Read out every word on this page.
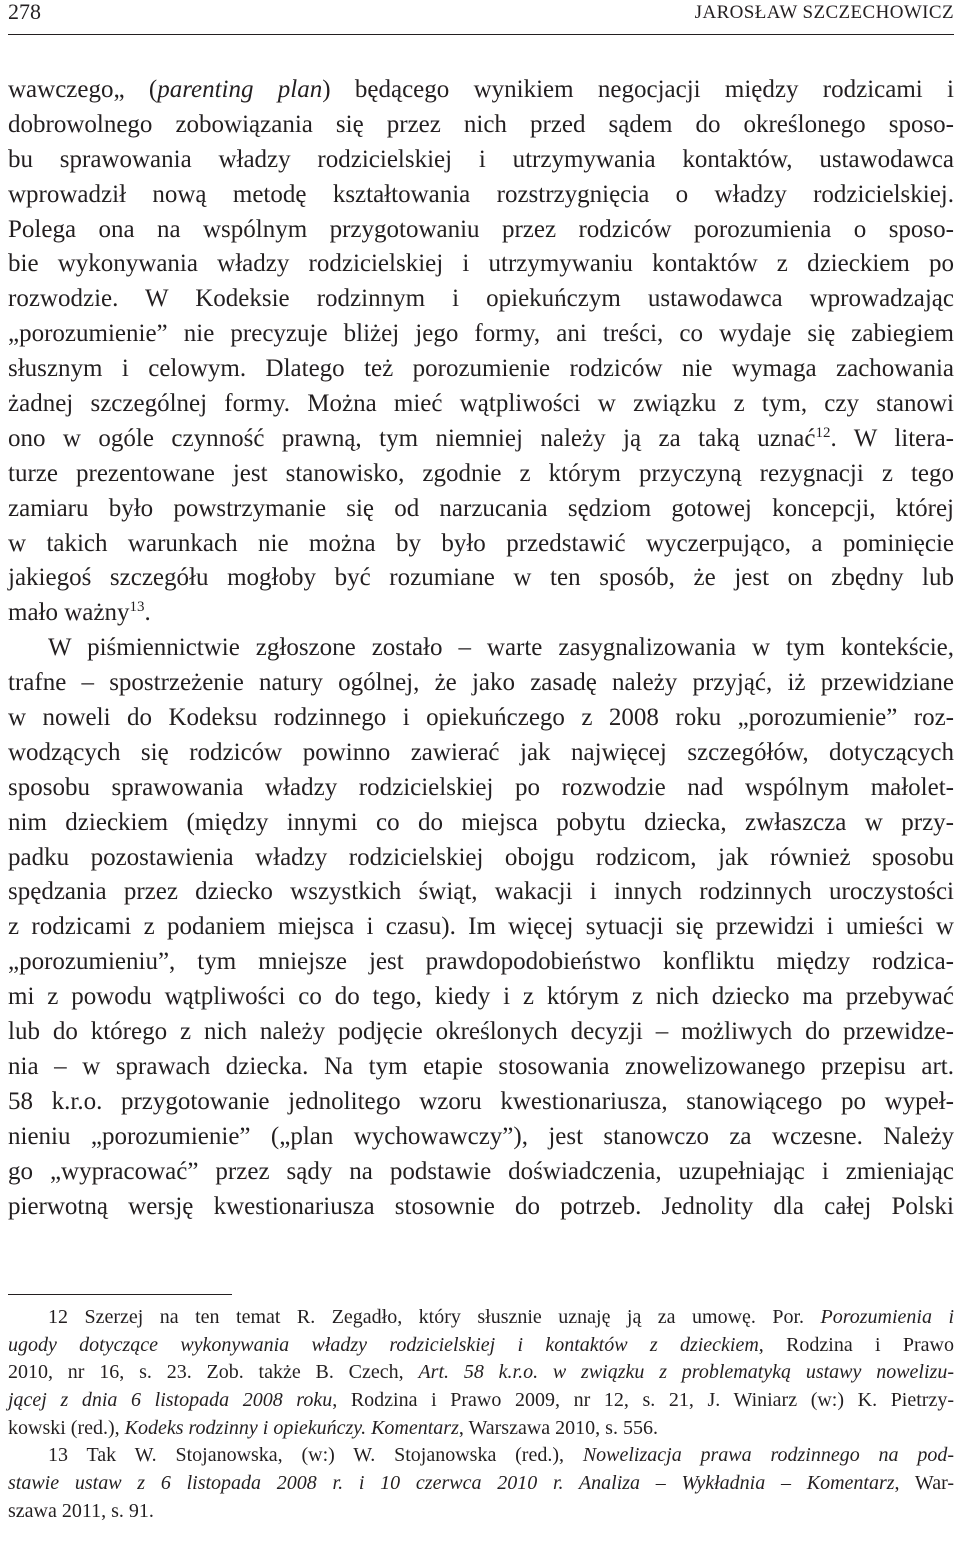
278	JAROSŁAW SZCZECHOWICZ
wawczego„ (parenting plan) będącego wynikiem negocjacji między rodzicami i
dobrowolnego zobowiązania się przez nich przed sądem do określonego sposo-
bu sprawowania władzy rodzicielskiej i utrzymywania kontaktów, ustawodawca
wprowadził nową metodę kształtowania rozstrzygnięcia o władzy rodzicielskiej.
Polega ona na wspólnym przygotowaniu przez rodziców porozumienia o sposo-
bie wykonywania władzy rodzicielskiej i utrzymywaniu kontaktów z dzieckiem po
rozwodzie. W Kodeksie rodzinnym i opiekuńczym ustawodawca wprowadzając
„porozumienie” nie precyzuje bliżej jego formy, ani treści, co wydaje się zabiegiem
słusznym i celowym. Dlatego też porozumienie rodziców nie wymaga zachowania
żadnej szczególnej formy. Można mieć wątpliwości w związku z tym, czy stanowi
ono w ogóle czynność prawną, tym niemniej należy ją za taką uznać$^{12}$. W litera-
turze prezentowane jest stanowisko, zgodnie z którym przyczyną rezygnacji z tego
zamiaru było powstrzymanie się od narzucania sędziom gotowej koncepcji, której
w takich warunkach nie można by było przedstawić wyczerpująco, a pominięcie
jakiegoś szczegółu mogłoby być rozumiane w ten sposób, że jest on zbędny lub
mało ważny$^{13}$.
W piśmiennictwie zgłoszone zostało – warte zasygnalizowania w tym kontekście,
trafne – spostrzeżenie natury ogólnej, że jako zasadę należy przyjąć, iż przewidziane
w noweli do Kodeksu rodzinnego i opiekuńczego z 2008 roku „porozumienie” roz-
wodzących się rodziców powinno zawierać jak najwięcej szczegółów, dotyczących
sposobu sprawowania władzy rodzicielskiej po rozwodzie nad wspólnym małolet-
nim dzieckiem (między innymi co do miejsca pobytu dziecka, zwłaszcza w przy-
padku pozostawienia władzy rodzicielskiej obojgu rodzicom, jak również sposobu
spędzania przez dziecko wszystkich świąt, wakacji i innych rodzinnych uroczystości
z rodzicami z podaniem miejsca i czasu). Im więcej sytuacji się przewidzi i umieści w
„porozumieniu”, tym mniejsze jest prawdopodobieństwo konfliktu między rodzica-
mi z powodu wątpliwości co do tego, kiedy i z którym z nich dziecko ma przebywać
lub do którego z nich należy podjęcie określonych decyzji – możliwych do przewidze-
nia – w sprawach dziecka. Na tym etapie stosowania znowelizowanego przepisu art.
58 k.r.o. przygotowanie jednolitego wzoru kwestionariusza, stanowiącego po wypeł-
nieniu „porozumienie” („plan wychowawczy”), jest stanowczo za wczesne. Należy
go „wypracować” przez sądy na podstawie doświadczenia, uzupełniając i zmieniając
pierwotną wersję kwestionariusza stosownie do potrzeb. Jednolity dla całej Polski
12 Szerzej na ten temat R. Zegadło, który słusznie uznaję ją za umowę. Por. Porozumienia i
ugody dotyczące wykonywania władzy rodzicielskiej i kontaktów z dzieckiem, Rodzina i Prawo
2010, nr 16, s. 23. Zob. także B. Czech, Art. 58 k.r.o. w związku z problematyką ustawy nowelizu-
jącej z dnia 6 listopada 2008 roku, Rodzina i Prawo 2009, nr 12, s. 21, J. Winiarz (w:) K. Pietrzy-
kowski (red.), Kodeks rodzinny i opiekuńczy. Komentarz, Warszawa 2010, s. 556.
13 Tak W. Stojanowska, (w:) W. Stojanowska (red.), Nowelizacja prawa rodzinnego na pod-
stawie ustaw z 6 listopada 2008 r. i 10 czerwca 2010 r. Analiza – Wykładnia – Komentarz, War-
szawa 2011, s. 91.
